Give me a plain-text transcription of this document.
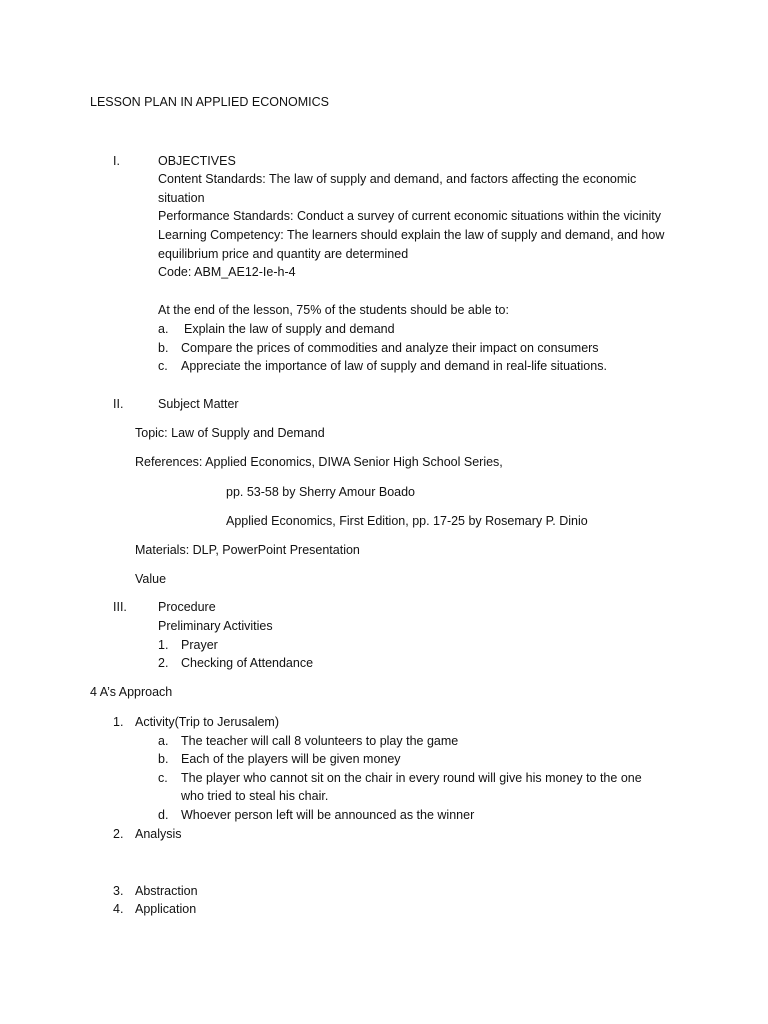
LESSON PLAN IN APPLIED ECONOMICS
I.	OBJECTIVES
Content Standards: The law of supply and demand, and factors affecting the economic
situation
Performance Standards: Conduct a survey of current economic situations within the vicinity
Learning Competency: The learners should explain the law of supply and demand, and how
equilibrium price and quantity are determined
Code: ABM_AE12-Ie-h-4
At the end of the lesson, 75% of the students should be able to:
a. Explain the law of supply and demand
b. Compare the prices of commodities and analyze their impact on consumers
c. Appreciate the importance of law of supply and demand in real-life situations.
II.	Subject Matter
Topic: Law of Supply and Demand
References: Applied Economics, DIWA Senior High School Series,
pp. 53-58 by Sherry Amour Boado
Applied Economics, First Edition, pp. 17-25 by Rosemary P. Dinio
Materials: DLP, PowerPoint Presentation
Value
III. Procedure
Preliminary Activities
1. Prayer
2. Checking of Attendance
4 A’s Approach
1. Activity(Trip to Jerusalem)
a. The teacher will call 8 volunteers to play the game
b. Each of the players will be given money
c. The player who cannot sit on the chair in every round will give his money to the one
who tried to steal his chair.
d. Whoever person left will be announced as the winner
2. Analysis
3. Abstraction
4. Application
